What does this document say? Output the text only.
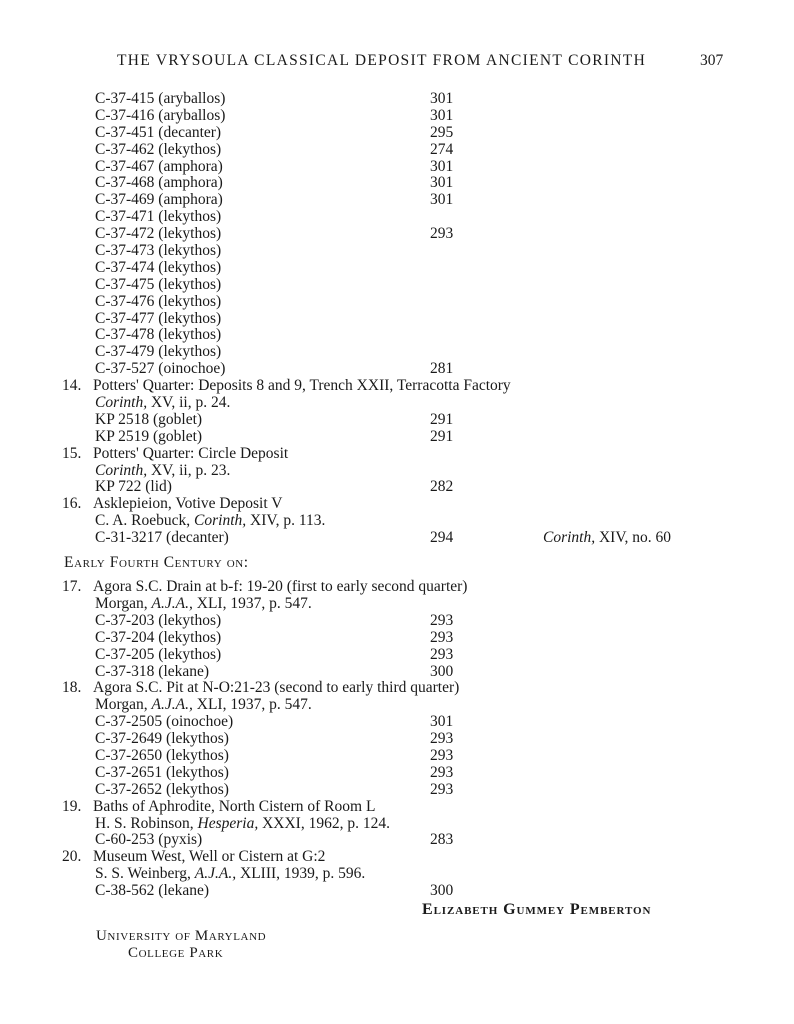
THE VRYSOULA CLASSICAL DEPOSIT FROM ANCIENT CORINTH	307
C-37-415 (aryballos)	301
C-37-416 (aryballos)	301
C-37-451 (decanter)	295
C-37-462 (lekythos)	274
C-37-467 (amphora)	301
C-37-468 (amphora)	301
C-37-469 (amphora)	301
C-37-471 (lekythos)
C-37-472 (lekythos)	293
C-37-473 (lekythos)
C-37-474 (lekythos)
C-37-475 (lekythos)
C-37-476 (lekythos)
C-37-477 (lekythos)
C-37-478 (lekythos)
C-37-479 (lekythos)
C-37-527 (oinochoe)	281
14. Potters' Quarter: Deposits 8 and 9, Trench XXII, Terracotta Factory
Corinth, XV, ii, p. 24.
KP 2518 (goblet)	291
KP 2519 (goblet)	291
15. Potters' Quarter: Circle Deposit
Corinth, XV, ii, p. 23.
KP 722 (lid)	282
16. Asklepieion, Votive Deposit V
C. A. Roebuck, Corinth, XIV, p. 113.
C-31-3217 (decanter)	294	Corinth, XIV, no. 60
Early Fourth Century on:
17. Agora S.C. Drain at b-f: 19-20 (first to early second quarter)
Morgan, A.J.A., XLI, 1937, p. 547.
C-37-203 (lekythos)	293
C-37-204 (lekythos)	293
C-37-205 (lekythos)	293
C-37-318 (lekane)	300
18. Agora S.C. Pit at N-O:21-23 (second to early third quarter)
Morgan, A.J.A., XLI, 1937, p. 547.
C-37-2505 (oinochoe)	301
C-37-2649 (lekythos)	293
C-37-2650 (lekythos)	293
C-37-2651 (lekythos)	293
C-37-2652 (lekythos)	293
19. Baths of Aphrodite, North Cistern of Room L
H. S. Robinson, Hesperia, XXXI, 1962, p. 124.
C-60-253 (pyxis)	283
20. Museum West, Well or Cistern at G:2
S. S. Weinberg, A.J.A., XLIII, 1939, p. 596.
C-38-562 (lekane)	300
Elizabeth Gummey Pemberton
University of Maryland
College Park
